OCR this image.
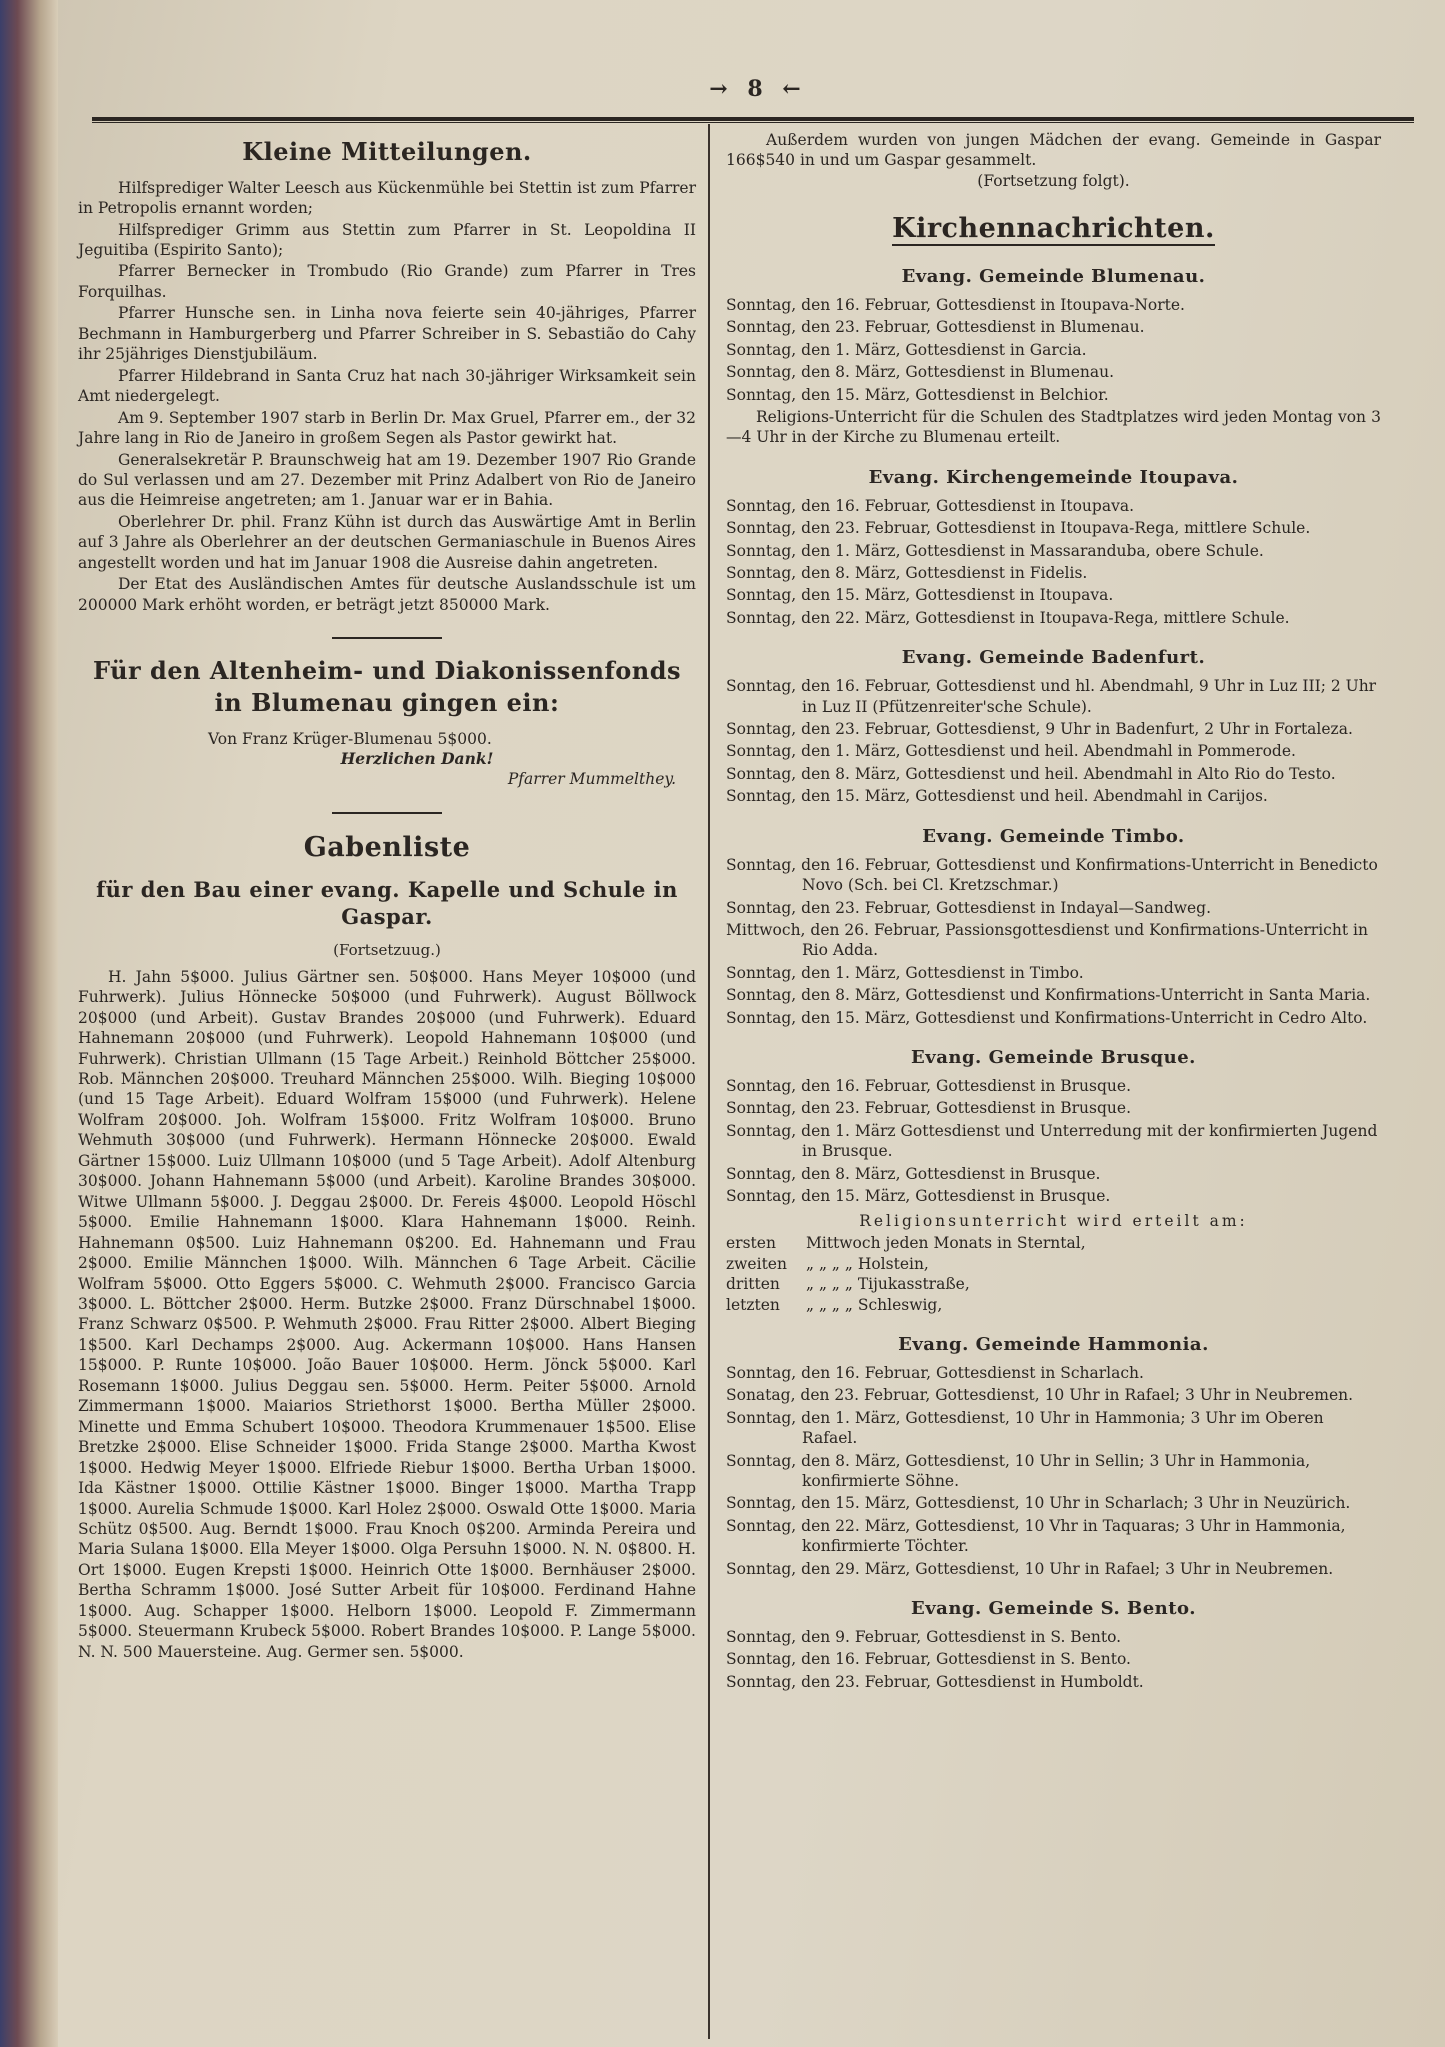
→ 8 ←
Kleine Mitteilungen.
Hilfsprediger Walter Leesch aus Kückenmühle bei Stettin ist zum Pfarrer in Petropolis ernannt worden;
Hilfsprediger Grimm aus Stettin zum Pfarrer in St. Leopoldina II Jeguitiba (Espirito Santo);
Pfarrer Bernecker in Trombudo (Rio Grande) zum Pfarrer in Tres Forquilhas.
Pfarrer Hunsche sen. in Linha nova feierte sein 40-jähriges, Pfarrer Bechmann in Hamburgerberg und Pfarrer Schreiber in S. Sebastião do Cahy ihr 25jähriges Dienstjubiläum.
Pfarrer Hildebrand in Santa Cruz hat nach 30-jähriger Wirksamkeit sein Amt niedergelegt.
Am 9. September 1907 starb in Berlin Dr. Max Gruel, Pfarrer em., der 32 Jahre lang in Rio de Janeiro in großem Segen als Pastor gewirkt hat.
Generalsekretär P. Braunschweig hat am 19. Dezember 1907 Rio Grande do Sul verlassen und am 27. Dezember mit Prinz Adalbert von Rio de Janeiro aus die Heimreise angetreten; am 1. Januar war er in Bahia.
Oberlehrer Dr. phil. Franz Kühn ist durch das Auswärtige Amt in Berlin auf 3 Jahre als Oberlehrer an der deutschen Germaniaschule in Buenos Aires angestellt worden und hat im Januar 1908 die Ausreise dahin angetreten.
Der Etat des Ausländischen Amtes für deutsche Auslandsschule ist um 200000 Mark erhöht worden, er beträgt jetzt 850000 Mark.
Für den Altenheim- und Diakonissenfonds in Blumenau gingen ein:
Von Franz Krüger-Blumenau 5$000.
Herzlichen Dank!
Pfarrer Mummelthey.
Gabenliste
für den Bau einer evang. Kapelle und Schule in Gaspar.
(Fortsetzuug.)
H. Jahn 5$000. Julius Gärtner sen. 50$000. Hans Meyer 10$000 (und Fuhrwerk). Julius Hönnecke 50$000 (und Fuhrwerk). August Böllwock 20$000 (und Arbeit). Gustav Brandes 20$000 (und Fuhrwerk). Eduard Hahnemann 20$000 (und Fuhrwerk). Leopold Hahnemann 10$000 (und Fuhrwerk). Christian Ullmann (15 Tage Arbeit.) Reinhold Böttcher 25$000. Rob. Männchen 20$000. Treuhard Männchen 25$000. Wilh. Bieging 10$000 (und 15 Tage Arbeit). Eduard Wolfram 15$000 (und Fuhrwerk). Helene Wolfram 20$000. Joh. Wolfram 15$000. Fritz Wolfram 10$000. Bruno Wehmuth 30$000 (und Fuhrwerk). Hermann Hönnecke 20$000. Ewald Gärtner 15$000. Luiz Ullmann 10$000 (und 5 Tage Arbeit). Adolf Altenburg 30$000. Johann Hahnemann 5$000 (und Arbeit). Karoline Brandes 30$000. Witwe Ullmann 5$000. J. Deggau 2$000. Dr. Fereis 4$000. Leopold Höschl 5$000. Emilie Hahnemann 1$000. Klara Hahnemann 1$000. Reinh. Hahnemann 0$500. Luiz Hahnemann 0$200. Ed. Hahnemann und Frau 2$000. Emilie Männchen 1$000. Wilh. Männchen 6 Tage Arbeit. Cäcilie Wolfram 5$000. Otto Eggers 5$000. C. Wehmuth 2$000. Francisco Garcia 3$000. L. Böttcher 2$000. Herm. Butzke 2$000. Franz Dürschnabel 1$000. Franz Schwarz 0$500. P. Wehmuth 2$000. Frau Ritter 2$000. Albert Bieging 1$500. Karl Dechamps 2$000. Aug. Ackermann 10$000. Hans Hansen 15$000. P. Runte 10$000. João Bauer 10$000. Herm. Jönck 5$000. Karl Rosemann 1$000. Julius Deggau sen. 5$000. Herm. Peiter 5$000. Arnold Zimmermann 1$000. Maiarios Striethorst 1$000. Bertha Müller 2$000. Minette und Emma Schubert 10$000. Theodora Krummenauer 1$500. Elise Bretzke 2$000. Elise Schneider 1$000. Frida Stange 2$000. Martha Kwost 1$000. Hedwig Meyer 1$000. Elfriede Riebur 1$000. Bertha Urban 1$000. Ida Kästner 1$000. Ottilie Kästner 1$000. Binger 1$000. Martha Trapp 1$000. Aurelia Schmude 1$000. Karl Holez 2$000. Oswald Otte 1$000. Maria Schütz 0$500. Aug. Berndt 1$000. Frau Knoch 0$200. Arminda Pereira und Maria Sulana 1$000. Ella Meyer 1$000. Olga Persuhn 1$000. N. N. 0$800. H. Ort 1$000. Eugen Krepsti 1$000. Heinrich Otte 1$000. Bernhäuser 2$000. Bertha Schramm 1$000. José Sutter Arbeit für 10$000. Ferdinand Hahne 1$000. Aug. Schapper 1$000. Helborn 1$000. Leopold F. Zimmermann 5$000. Steuermann Krubeck 5$000. Robert Brandes 10$000. P. Lange 5$000. N. N. 500 Mauersteine. Aug. Germer sen. 5$000.
Außerdem wurden von jungen Mädchen der evang. Gemeinde in Gaspar 166$540 in und um Gaspar gesammelt.
(Fortsetzung folgt).
Kirchennachrichten.
Evang. Gemeinde Blumenau.
Sonntag, den 16. Februar, Gottesdienst in Itoupava-Norte.
Sonntag, den 23. Februar, Gottesdienst in Blumenau.
Sonntag, den 1. März, Gottesdienst in Garcia.
Sonntag, den 8. März, Gottesdienst in Blumenau.
Sonntag, den 15. März, Gottesdienst in Belchior.
Religions-Unterricht für die Schulen des Stadtplatzes wird jeden Montag von 3—4 Uhr in der Kirche zu Blumenau erteilt.
Evang. Kirchengemeinde Itoupava.
Sonntag, den 16. Februar, Gottesdienst in Itoupava.
Sonntag, den 23. Februar, Gottesdienst in Itoupava-Rega, mittlere Schule.
Sonntag, den 1. März, Gottesdienst in Massaranduba, obere Schule.
Sonntag, den 8. März, Gottesdienst in Fidelis.
Sonntag, den 15. März, Gottesdienst in Itoupava.
Sonntag, den 22. März, Gottesdienst in Itoupava-Rega, mittlere Schule.
Evang. Gemeinde Badenfurt.
Sonntag, den 16. Februar, Gottesdienst und hl. Abendmahl, 9 Uhr in Luz III; 2 Uhr in Luz II (Pfützenreiter'sche Schule).
Sonntag, den 23. Februar, Gottesdienst, 9 Uhr in Badenfurt, 2 Uhr in Fortaleza.
Sonntag, den 1. März, Gottesdienst und heil. Abendmahl in Pommerode.
Sonntag, den 8. März, Gottesdienst und heil. Abendmahl in Alto Rio do Testo.
Sonntag, den 15. März, Gottesdienst und heil. Abendmahl in Carijos.
Evang. Gemeinde Timbo.
Sonntag, den 16. Februar, Gottesdienst und Konfirmations-Unterricht in Benedicto Novo (Sch. bei Cl. Kretzschmar.)
Sonntag, den 23. Februar, Gottesdienst in Indayal—Sandweg.
Mittwoch, den 26. Februar, Passionsgottesdienst und Konfirmations-Unterricht in Rio Adda.
Sonntag, den 1. März, Gottesdienst in Timbo.
Sonntag, den 8. März, Gottesdienst und Konfirmations-Unterricht in Santa Maria.
Sonntag, den 15. März, Gottesdienst und Konfirmations-Unterricht in Cedro Alto.
Evang. Gemeinde Brusque.
Sonntag, den 16. Februar, Gottesdienst in Brusque.
Sonntag, den 23. Februar, Gottesdienst in Brusque.
Sonntag, den 1. März Gottesdienst und Unterredung mit der konfirmierten Jugend in Brusque.
Sonntag, den 8. März, Gottesdienst in Brusque.
Sonntag, den 15. März, Gottesdienst in Brusque.
Religionsunterricht wird erteilt am:
ersten	Mittwoch jeden Monats in Sterntal,
zweiten	„ „ „ „ Holstein,
dritten	„ „ „ „ Tijukasstraße,
letzten	„ „ „ „ Schleswig,
Evang. Gemeinde Hammonia.
Sonntag, den 16. Februar, Gottesdienst in Scharlach.
Sonatag, den 23. Februar, Gottesdienst, 10 Uhr in Rafael; 3 Uhr in Neubremen.
Sonntag, den 1. März, Gottesdienst, 10 Uhr in Hammonia; 3 Uhr im Oberen Rafael.
Sonntag, den 8. März, Gottesdienst, 10 Uhr in Sellin; 3 Uhr in Hammonia, konfirmierte Söhne.
Sonntag, den 15. März, Gottesdienst, 10 Uhr in Scharlach; 3 Uhr in Neuzürich.
Sonntag, den 22. März, Gottesdienst, 10 Vhr in Taquaras; 3 Uhr in Hammonia, konfirmierte Töchter.
Sonntag, den 29. März, Gottesdienst, 10 Uhr in Rafael; 3 Uhr in Neubremen.
Evang. Gemeinde S. Bento.
Sonntag, den 9. Februar, Gottesdienst in S. Bento.
Sonntag, den 16. Februar, Gottesdienst in S. Bento.
Sonntag, den 23. Februar, Gottesdienst in Humboldt.
